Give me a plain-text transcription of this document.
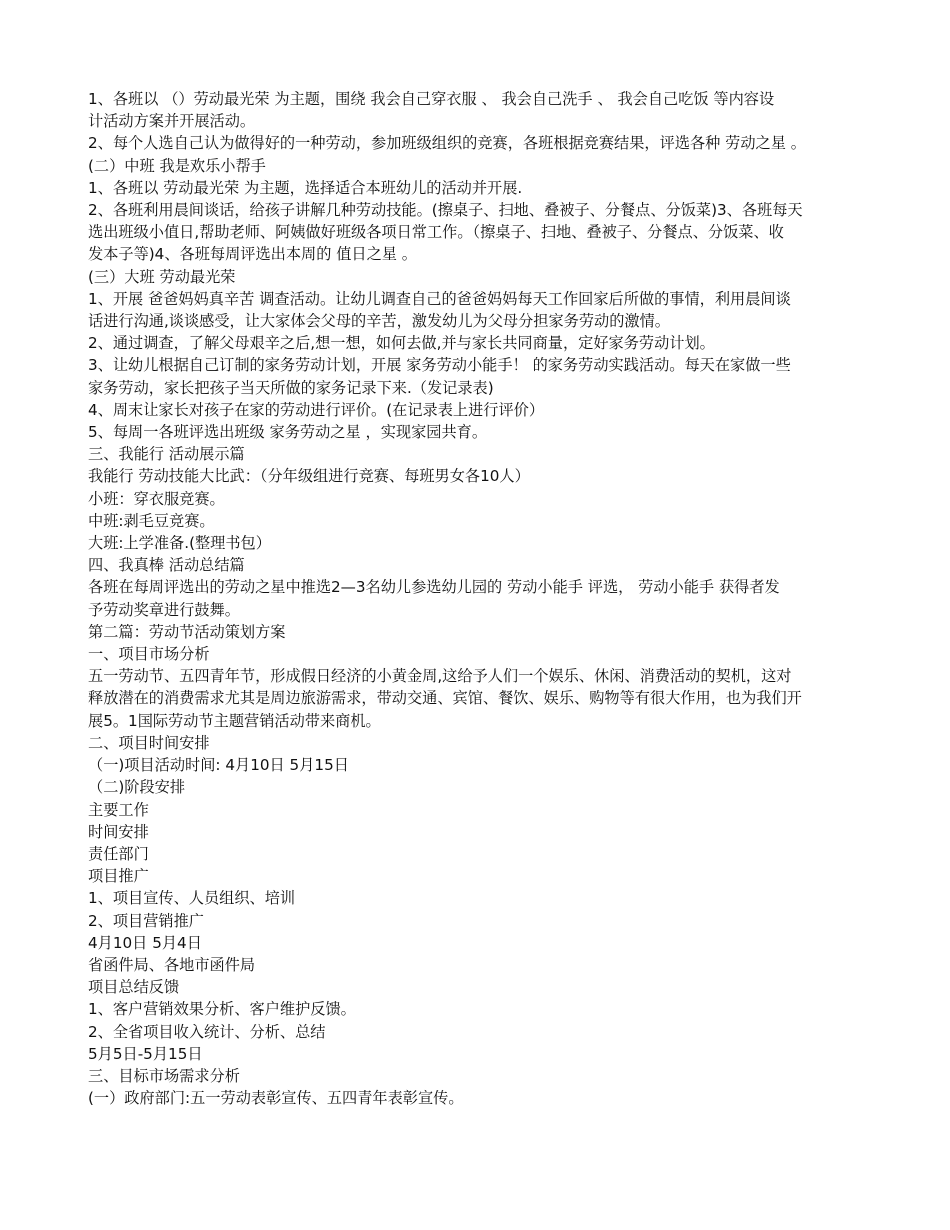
1、各班以 （）劳动最光荣 为主题，围绕 我会自己穿衣服 、 我会自己洗手 、 我会自己吃饭 等内容设

计活动方案并开展活动。

2、每个人选自己认为做得好的一种劳动，参加班级组织的竞赛，各班根据竞赛结果，评选各种 劳动之星 。

(二）中班 我是欢乐小帮手

1、各班以 劳动最光荣 为主题，选择适合本班幼儿的活动并开展.

2、各班利用晨间谈话，给孩子讲解几种劳动技能。(擦桌子、扫地、叠被子、分餐点、分饭菜)3、各班每天

选出班级小值日,帮助老师、阿姨做好班级各项日常工作。（擦桌子、扫地、叠被子、分餐点、分饭菜、收

发本子等)4、各班每周评选出本周的 值日之星 。

(三）大班 劳动最光荣

1、开展 爸爸妈妈真辛苦 调查活动。让幼儿调查自己的爸爸妈妈每天工作回家后所做的事情，利用晨间谈

话进行沟通,谈谈感受，让大家体会父母的辛苦，激发幼儿为父母分担家务劳动的激情。

2、通过调查，了解父母艰辛之后,想一想，如何去做,并与家长共同商量，定好家务劳动计划。

3、让幼儿根据自己订制的家务劳动计划，开展 家务劳动小能手！ 的家务劳动实践活动。每天在家做一些

家务劳动，家长把孩子当天所做的家务记录下来.（发记录表)

4、周末让家长对孩子在家的劳动进行评价。(在记录表上进行评价）

5、每周一各班评选出班级 家务劳动之星 ，实现家园共育。

三、我能行 活动展示篇

我能行 劳动技能大比武：（分年级组进行竞赛、每班男女各10人）

小班：穿衣服竞赛。

中班:剥毛豆竞赛。

大班:上学准备.(整理书包）

四、我真棒 活动总结篇

各班在每周评选出的劳动之星中推选2—3名幼儿参选幼儿园的 劳动小能手 评选， 劳动小能手 获得者发

予劳动奖章进行鼓舞。

第二篇：劳动节活动策划方案

一、项目市场分析

五一劳动节、五四青年节，形成假日经济的小黄金周,这给予人们一个娱乐、休闲、消费活动的契机，这对

释放潜在的消费需求尤其是周边旅游需求，带动交通、宾馆、餐饮、娱乐、购物等有很大作用，也为我们开

展5。1国际劳动节主题营销活动带来商机。

二、项目时间安排

（一)项目活动时间: 4月10日 5月15日

（二)阶段安排

主要工作

时间安排

责任部门

项目推广

1、项目宣传、人员组织、培训

2、项目营销推广

4月10日 5月4日

省函件局、各地市函件局

项目总结反馈

1、客户营销效果分析、客户维护反馈。

2、全省项目收入统计、分析、总结

5月5日-5月15日

三、目标市场需求分析

(一）政府部门:五一劳动表彰宣传、五四青年表彰宣传。
